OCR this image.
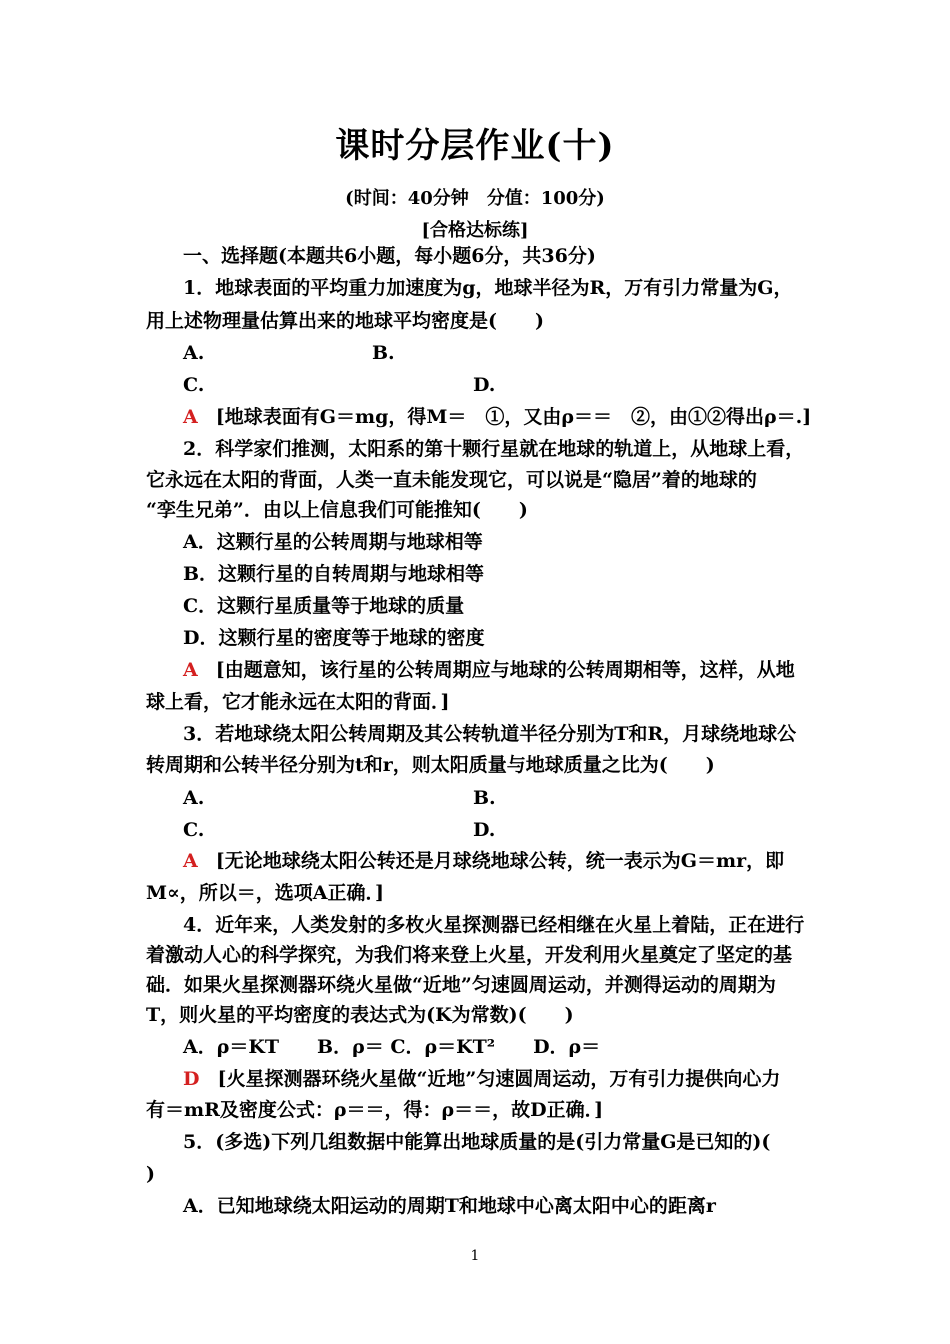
课时分层作业(十)
(时间：40分钟　分值：100分)
[合格达标练]
一、选择题(本题共6小题，每小题6分，共36分)
1．地球表面的平均重力加速度为g，地球半径为R，万有引力常量为G，
用上述物理量估算出来的地球平均密度是(　　)
A.	B.
C.	D.
A [地球表面有G＝mg，得M＝　①，又由ρ＝＝　②，由①②得出ρ＝.]
2．科学家们推测，太阳系的第十颗行星就在地球的轨道上，从地球上看，
它永远在太阳的背面，人类一直未能发现它，可以说是“隐居”着的地球的
“孪生兄弟”．由以上信息我们可能推知(　　)
A．这颗行星的公转周期与地球相等
B．这颗行星的自转周期与地球相等
C．这颗行星质量等于地球的质量
D．这颗行星的密度等于地球的密度
A [由题意知，该行星的公转周期应与地球的公转周期相等，这样，从地
球上看，它才能永远在太阳的背面．]
3．若地球绕太阳公转周期及其公转轨道半径分别为T和R，月球绕地球公
转周期和公转半径分别为t和r，则太阳质量与地球质量之比为(　　)
A.	B.
C.	D.
A [无论地球绕太阳公转还是月球绕地球公转，统一表示为G＝mr，即
M∝，所以＝，选项A正确．]
4．近年来，人类发射的多枚火星探测器已经相继在火星上着陆，正在进行
着激动人心的科学探究，为我们将来登上火星，开发利用火星奠定了坚定的基
础．如果火星探测器环绕火星做“近地”匀速圆周运动，并测得运动的周期为
T，则火星的平均密度的表达式为(K为常数)(　　)
A．ρ＝KT　　B．ρ＝ C．ρ＝KT²　　D．ρ＝
D [火星探测器环绕火星做“近地”匀速圆周运动，万有引力提供向心力
有＝mR及密度公式：ρ＝＝，得：ρ＝＝，故D正确．]
5．(多选)下列几组数据中能算出地球质量的是(引力常量G是已知的)(
)
A．已知地球绕太阳运动的周期T和地球中心离太阳中心的距离r
1
